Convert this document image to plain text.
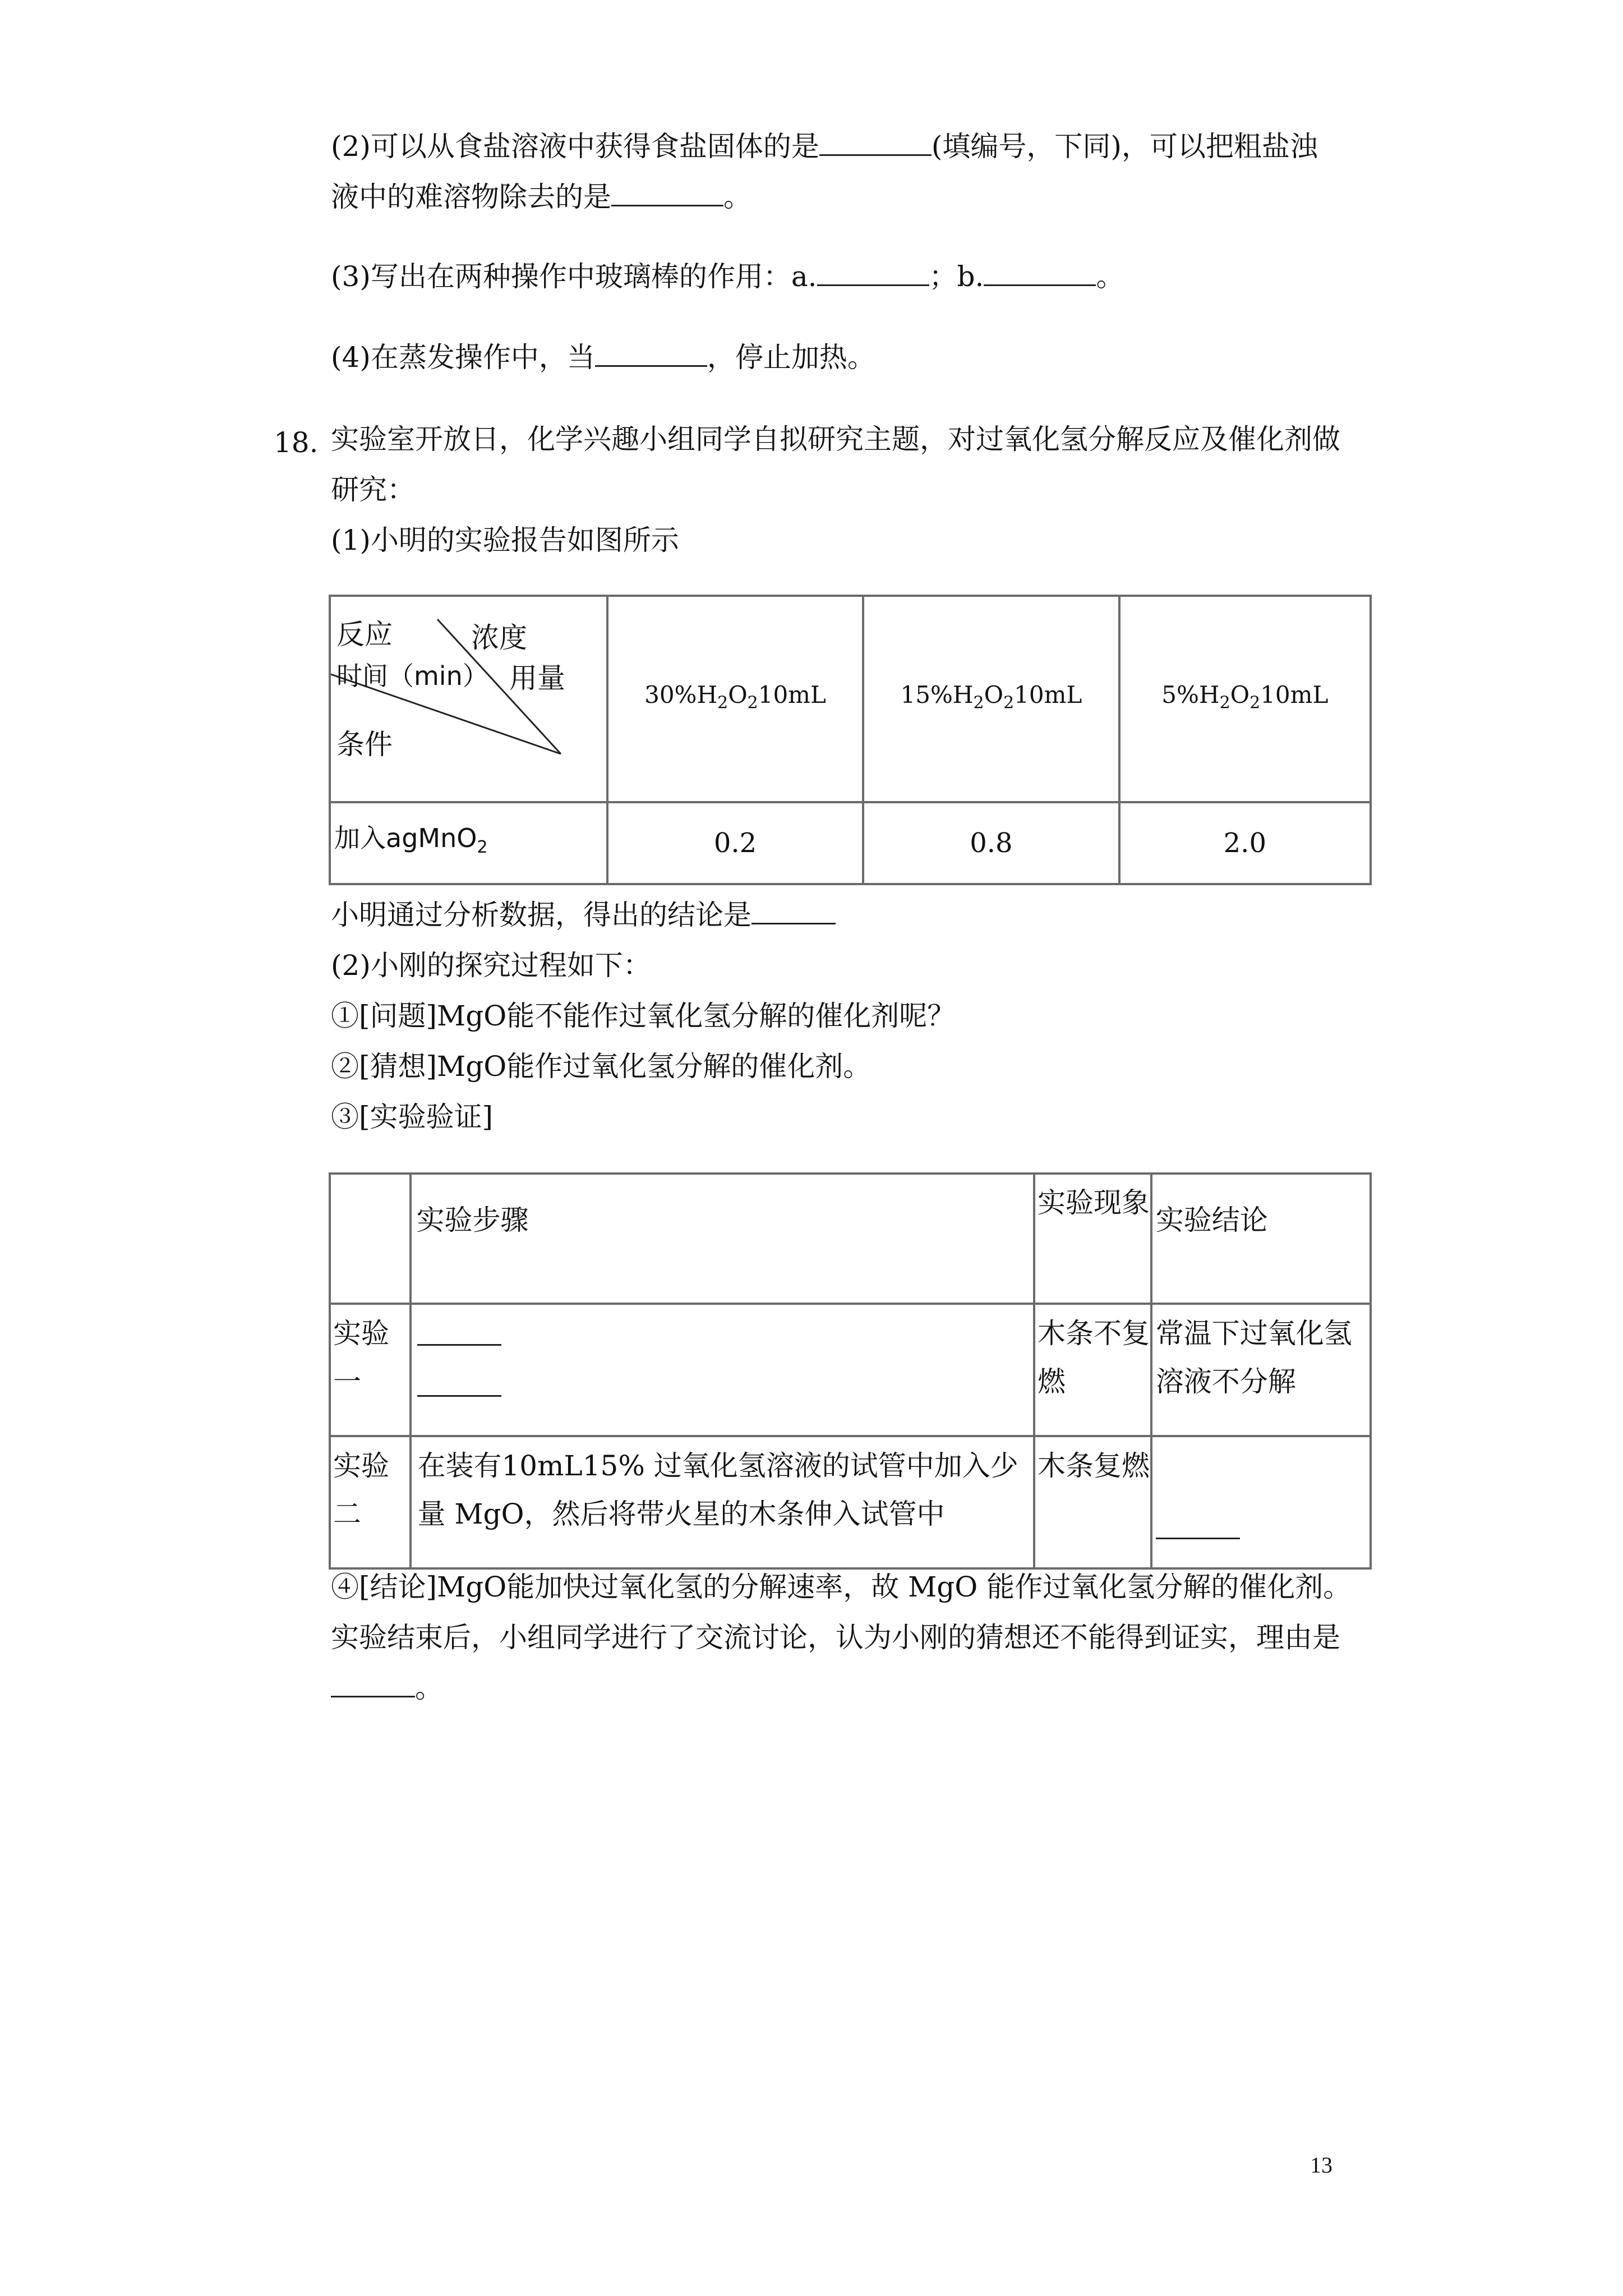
(2)可以从食盐溶液中获得食盐固体的是	(填编号，下同)，可以把粗盐浊
液中的难溶物除去的是	。
(3)写出在两种操作中玻璃棒的作用：a.	；b.	。
(4)在蒸发操作中，当	，停止加热。
18. 实验室开放日，化学兴趣小组同学自拟研究主题，对过氧化氢分解反应及催化剂做
研究：
(1)小明的实验报告如图所示
反应
时间（min）
条件
浓度
用量	$30\%H_2O_210mL$	$15\%H_2O_210mL$	$5\%H_2O_210mL$
加入agMnO$_2$	0.2	0.8	2.0
小明通过分析数据，得出的结论是
(2)小刚的探究过程如下：
①[问题]MgO能不能作过氧化氢分解的催化剂呢？
②[猜想]MgO能作过氧化氢分解的催化剂。
③[实验验证]
	实验步骤	实验现象	实验结论
实验一		木条不复燃	常温下过氧化氢溶液不分解
实验二	在装有10mL15% 过氧化氢溶液的试管中加入少量 MgO，然后将带火星的木条伸入试管中	木条复燃	
④[结论]MgO能加快过氧化氢的分解速率，故 MgO 能作过氧化氢分解的催化剂。
实验结束后，小组同学进行了交流讨论，认为小刚的猜想还不能得到证实，理由是
。
13
